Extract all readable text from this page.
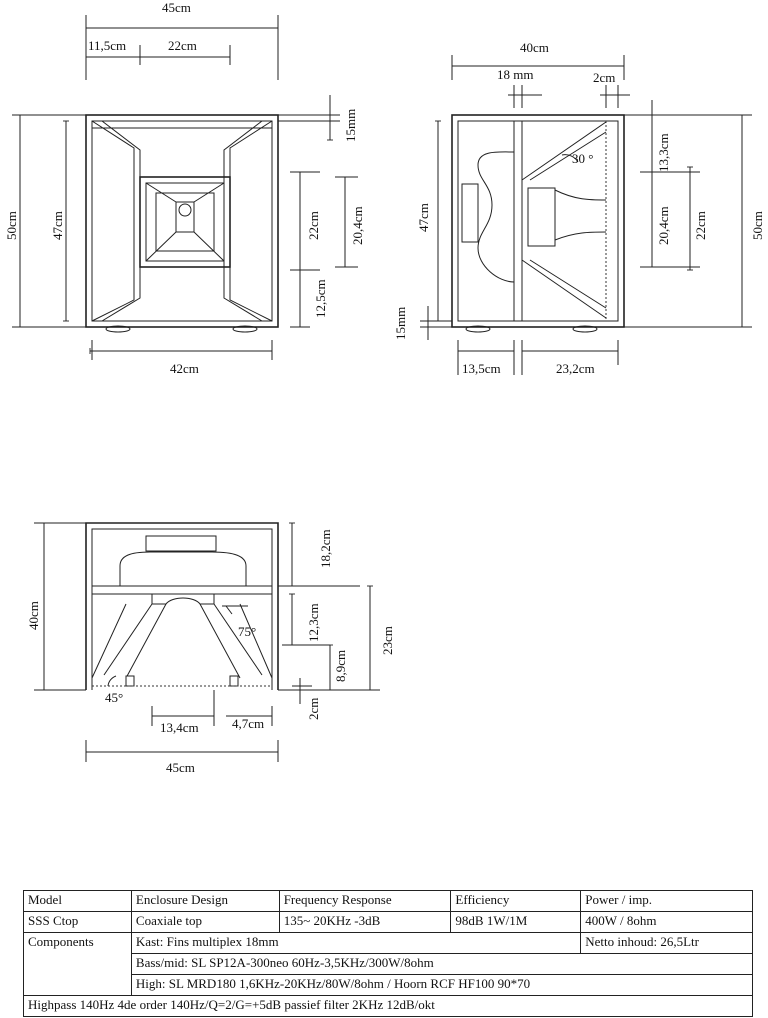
45cm
11,5cm	22cm
50cm 47cm
42cm
15mm
22cm 20,4cm
12,5cm
30 °
40cm
18 mm	2cm
47cm
15mm
13,3cm
20,4cm 22cm	50cm
13,5cm	23,2cm
75°
45°
40cm
18,2cm
12,3cm	23cm
8,9cm
2cm
13,4cm	4,7cm
45cm
Model	Enclosure Design	Frequency Response	Efficiency	Power / imp.
SSS Ctop	Coaxiale top	135~ 20KHz -3dB	98dB 1W/1M	400W / 8ohm
Components	Kast: Fins multiplex 18mm			Netto inhoud: 26,5Ltr
	Bass/mid: SL SP12A-300neo 60Hz-3,5KHz/300W/8ohm			
	High: SL MRD180 1,6KHz-20KHz/80W/8ohm / Hoorn RCF HF100 90*70			
Highpass 140Hz 4de order 140Hz/Q=2/G=+5dB passief filter 2KHz 12dB/okt				
